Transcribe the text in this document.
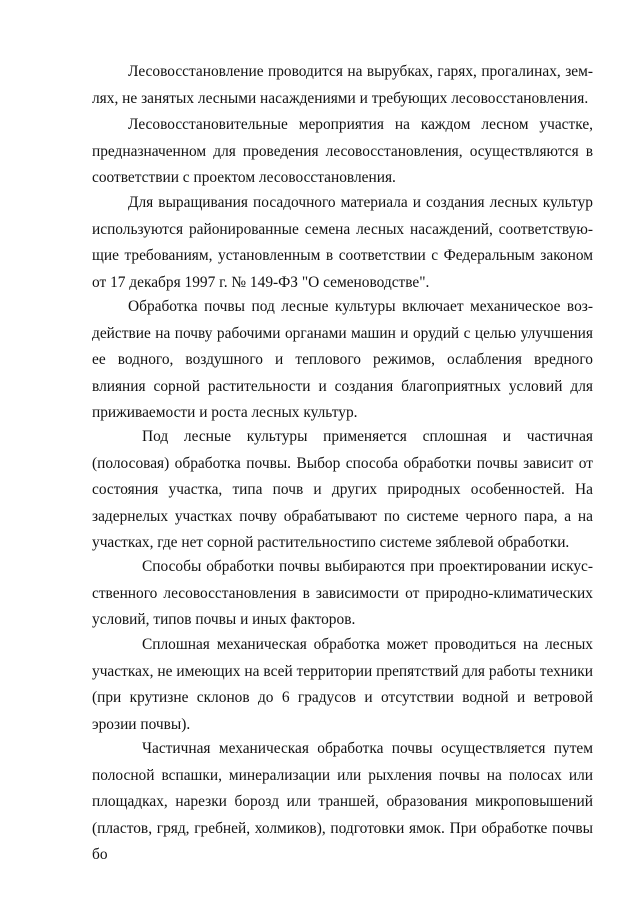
Лесовосстановление проводится на вырубках, гарях, прогалинах, землях, не занятых лесными насаждениями и требующих лесовосстановления.

Лесовосстановительные мероприятия на каждом лесном участке, предназначенном для проведения лесовосстановления, осуществляются в соответствии с проектом лесовосстановления.

Для выращивания посадочного материала и создания лесных культур используются районированные семена лесных насаждений, соответствующие требованиям, установленным в соответствии с Федеральным законом от 17 декабря 1997 г. № 149-ФЗ "О семеноводстве".

Обработка почвы под лесные культуры включает механическое воздействие на почву рабочими органами машин и орудий с целью улучшения ее водного, воздушного и теплового режимов, ослабления вредного влияния сорной растительности и создания благоприятных условий для приживаемости и роста лесных культур.

Под лесные культуры применяется сплошная и частичная (полосовая) обработка почвы. Выбор способа обработки почвы зависит от состояния участка, типа почв и других природных особенностей. На задернелых участках почву обрабатывают по системе черного пара, а на участках, где нет сорной растительностипо системе зяблевой обработки.

Способы обработки почвы выбираются при проектировании искусственного лесовосстановления в зависимости от природно-климатических условий, типов почвы и иных факторов.

Сплошная механическая обработка может проводиться на лесных участках, не имеющих на всей территории препятствий для работы техники (при крутизне склонов до 6 градусов и отсутствии водной и ветровой эрозии почвы).

Частичная механическая обработка почвы осуществляется путем полосной вспашки, минерализации или рыхления почвы на полосах или площадках, нарезки борозд или траншей, образования микроповышений (пластов, гряд, гребней, холмиков), подготовки ямок. При обработке почвы бо
